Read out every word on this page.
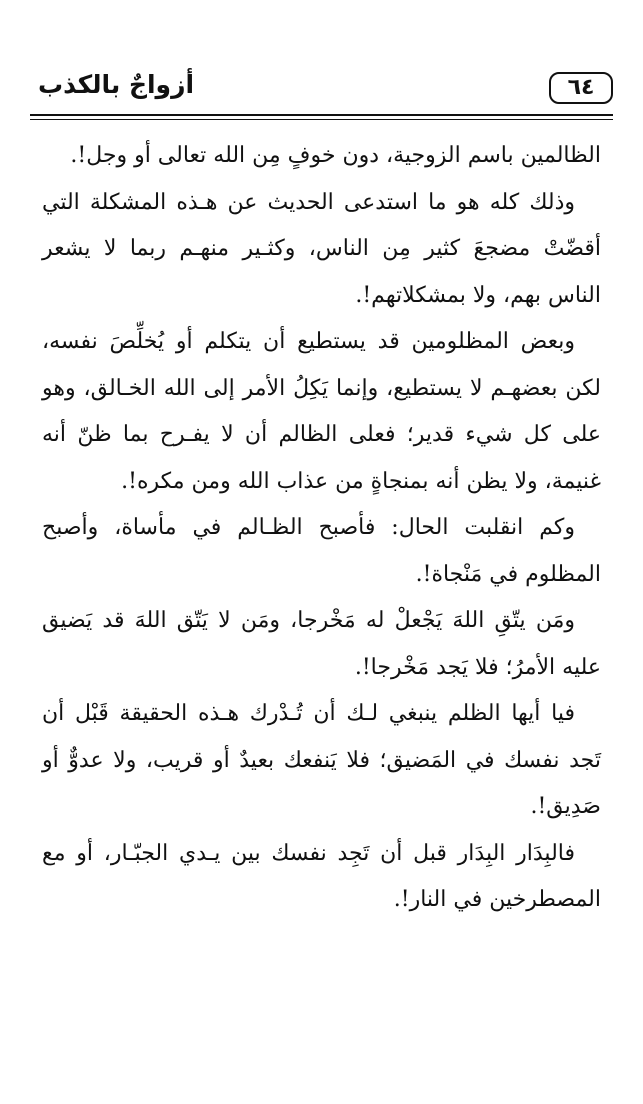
٦٤
أزواجٌ بالكذب

الظالمين باسم الزوجية، دون خوفٍ مِن الله تعالى أو وجل!.

وذلك كله هو ما استدعى الحديث عن هـذه المشكلة التي أقضّتْ مضجعَ كثير مِن الناس، وكثـير منهـم ربما لا يشعر الناس بهم، ولا بمشكلاتهم!.

وبعض المظلومين قد يستطيع أن يتكلم أو يُخلِّصَ نفسه، لكن بعضهـم لا يستطيع، وإنما يَكِلُ الأمر إلى الله الخـالق، وهو على كل شيء قدير؛ فعلى الظالم أن لا يفـرح بما ظنّ أنه غنيمة، ولا يظن أنه بمنجاةٍ من عذاب الله ومن مكره!.

وكم انقلبت الحال: فأصبح الظـالم في مأساة، وأصبح المظلوم في مَنْجاة!.

ومَن يتّقِ اللهَ يَجْعلْ له مَخْرجا، ومَن لا يَتّق اللهَ قد يَضيق عليه الأمرُ؛ فلا يَجد مَخْرجا!.

فيا أيها الظلم ينبغي لـك أن تُـدْرك هـذه الحقيقة قَبْل أن تَجد نفسك في المَضيق؛ فلا يَنفعك بعيدٌ أو قريب، ولا عدوٌّ أو صَدِيق!.

فالبِدَار البِدَار قبل أن تَجِد نفسك بين يـدي الجبّـار، أو مع المصطرخين في النار!.
